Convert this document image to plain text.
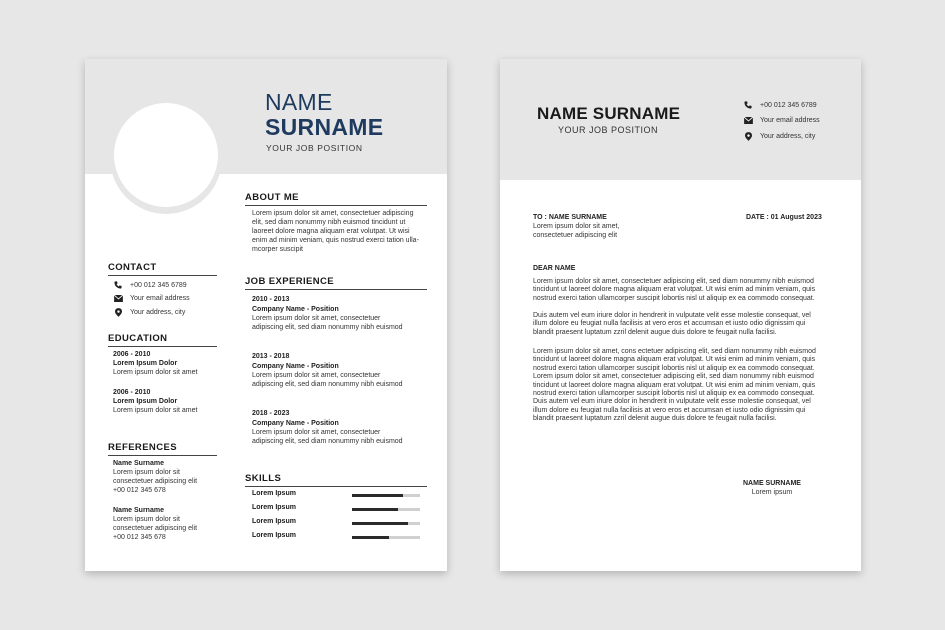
NAME
SURNAME
YOUR JOB POSITION
ABOUT ME
Lorem ipsum dolor sit amet, consectetuer adipiscing
elit, sed diam nonummy nibh euismod tincidunt ut
laoreet dolore magna aliquam erat volutpat. Ut wisi
enim ad minim veniam, quis nostrud exerci tation ulla-
mcorper suscipit
CONTACT
+00 012 345 6789
Your email address
Your address, city
EDUCATION
2006 - 2010
Lorem Ipsum Dolor
Lorem ipsum dolor sit amet
2006 - 2010
Lorem Ipsum Dolor
Lorem ipsum dolor sit amet
REFERENCES
Name Surname
Lorem ipsum dolor sit
consectetuer adipiscing elit
+00 012 345 678
Name Surname
Lorem ipsum dolor sit
consectetuer adipiscing elit
+00 012 345 678
JOB EXPERIENCE
2010 - 2013
Company Name - Position
Lorem ipsum dolor sit amet, consectetuer
adipiscing elit, sed diam nonummy nibh euismod
2013 - 2018
Company Name - Position
Lorem ipsum dolor sit amet, consectetuer
adipiscing elit, sed diam nonummy nibh euismod
2018 - 2023
Company Name - Position
Lorem ipsum dolor sit amet, consectetuer
adipiscing elit, sed diam nonummy nibh euismod
SKILLS
Lorem Ipsum
Lorem Ipsum
Lorem Ipsum
Lorem Ipsum
NAME SURNAME
YOUR JOB POSITION
+00 012 345 6789
Your email address
Your address, city
TO : NAME SURNAME
Lorem ipsum dolor sit amet,
consectetuer adipiscing elit
DATE : 01 August 2023
DEAR NAME
Lorem ipsum dolor sit amet, consectetuer adipiscing elit, sed diam nonummy nibh euismod
tincidunt ut laoreet dolore magna aliquam erat volutpat. Ut wisi enim ad minim veniam, quis
nostrud exerci tation ullamcorper suscipit lobortis nisl ut aliquip ex ea commodo consequat.
Duis autem vel eum iriure dolor in hendrerit in vulputate velit esse molestie consequat, vel
illum dolore eu feugiat nulla facilisis at vero eros et accumsan et iusto odio dignissim qui
blandit praesent luptatum zzril delenit augue duis dolore te feugait nulla facilisi.
Lorem ipsum dolor sit amet, cons ectetuer adipiscing elit, sed diam nonummy nibh euismod
tincidunt ut laoreet dolore magna aliquam erat volutpat. Ut wisi enim ad minim veniam, quis
nostrud exerci tation ullamcorper suscipit lobortis nisl ut aliquip ex ea commodo consequat.
Lorem ipsum dolor sit amet, consectetuer adipiscing elit, sed diam nonummy nibh euismod
tincidunt ut laoreet dolore magna aliquam erat volutpat. Ut wisi enim ad minim veniam, quis
nostrud exerci tation ullamcorper suscipit lobortis nisl ut aliquip ex ea commodo consequat.
Duis autem vel eum iriure dolor in hendrerit in vulputate velit esse molestie consequat, vel
illum dolore eu feugiat nulla facilisis at vero eros et accumsan et iusto odio dignissim qui
blandit praesent luptatum zzril delenit augue duis dolore te feugait nulla facilisi.
NAME SURNAME
Lorem ipsum
